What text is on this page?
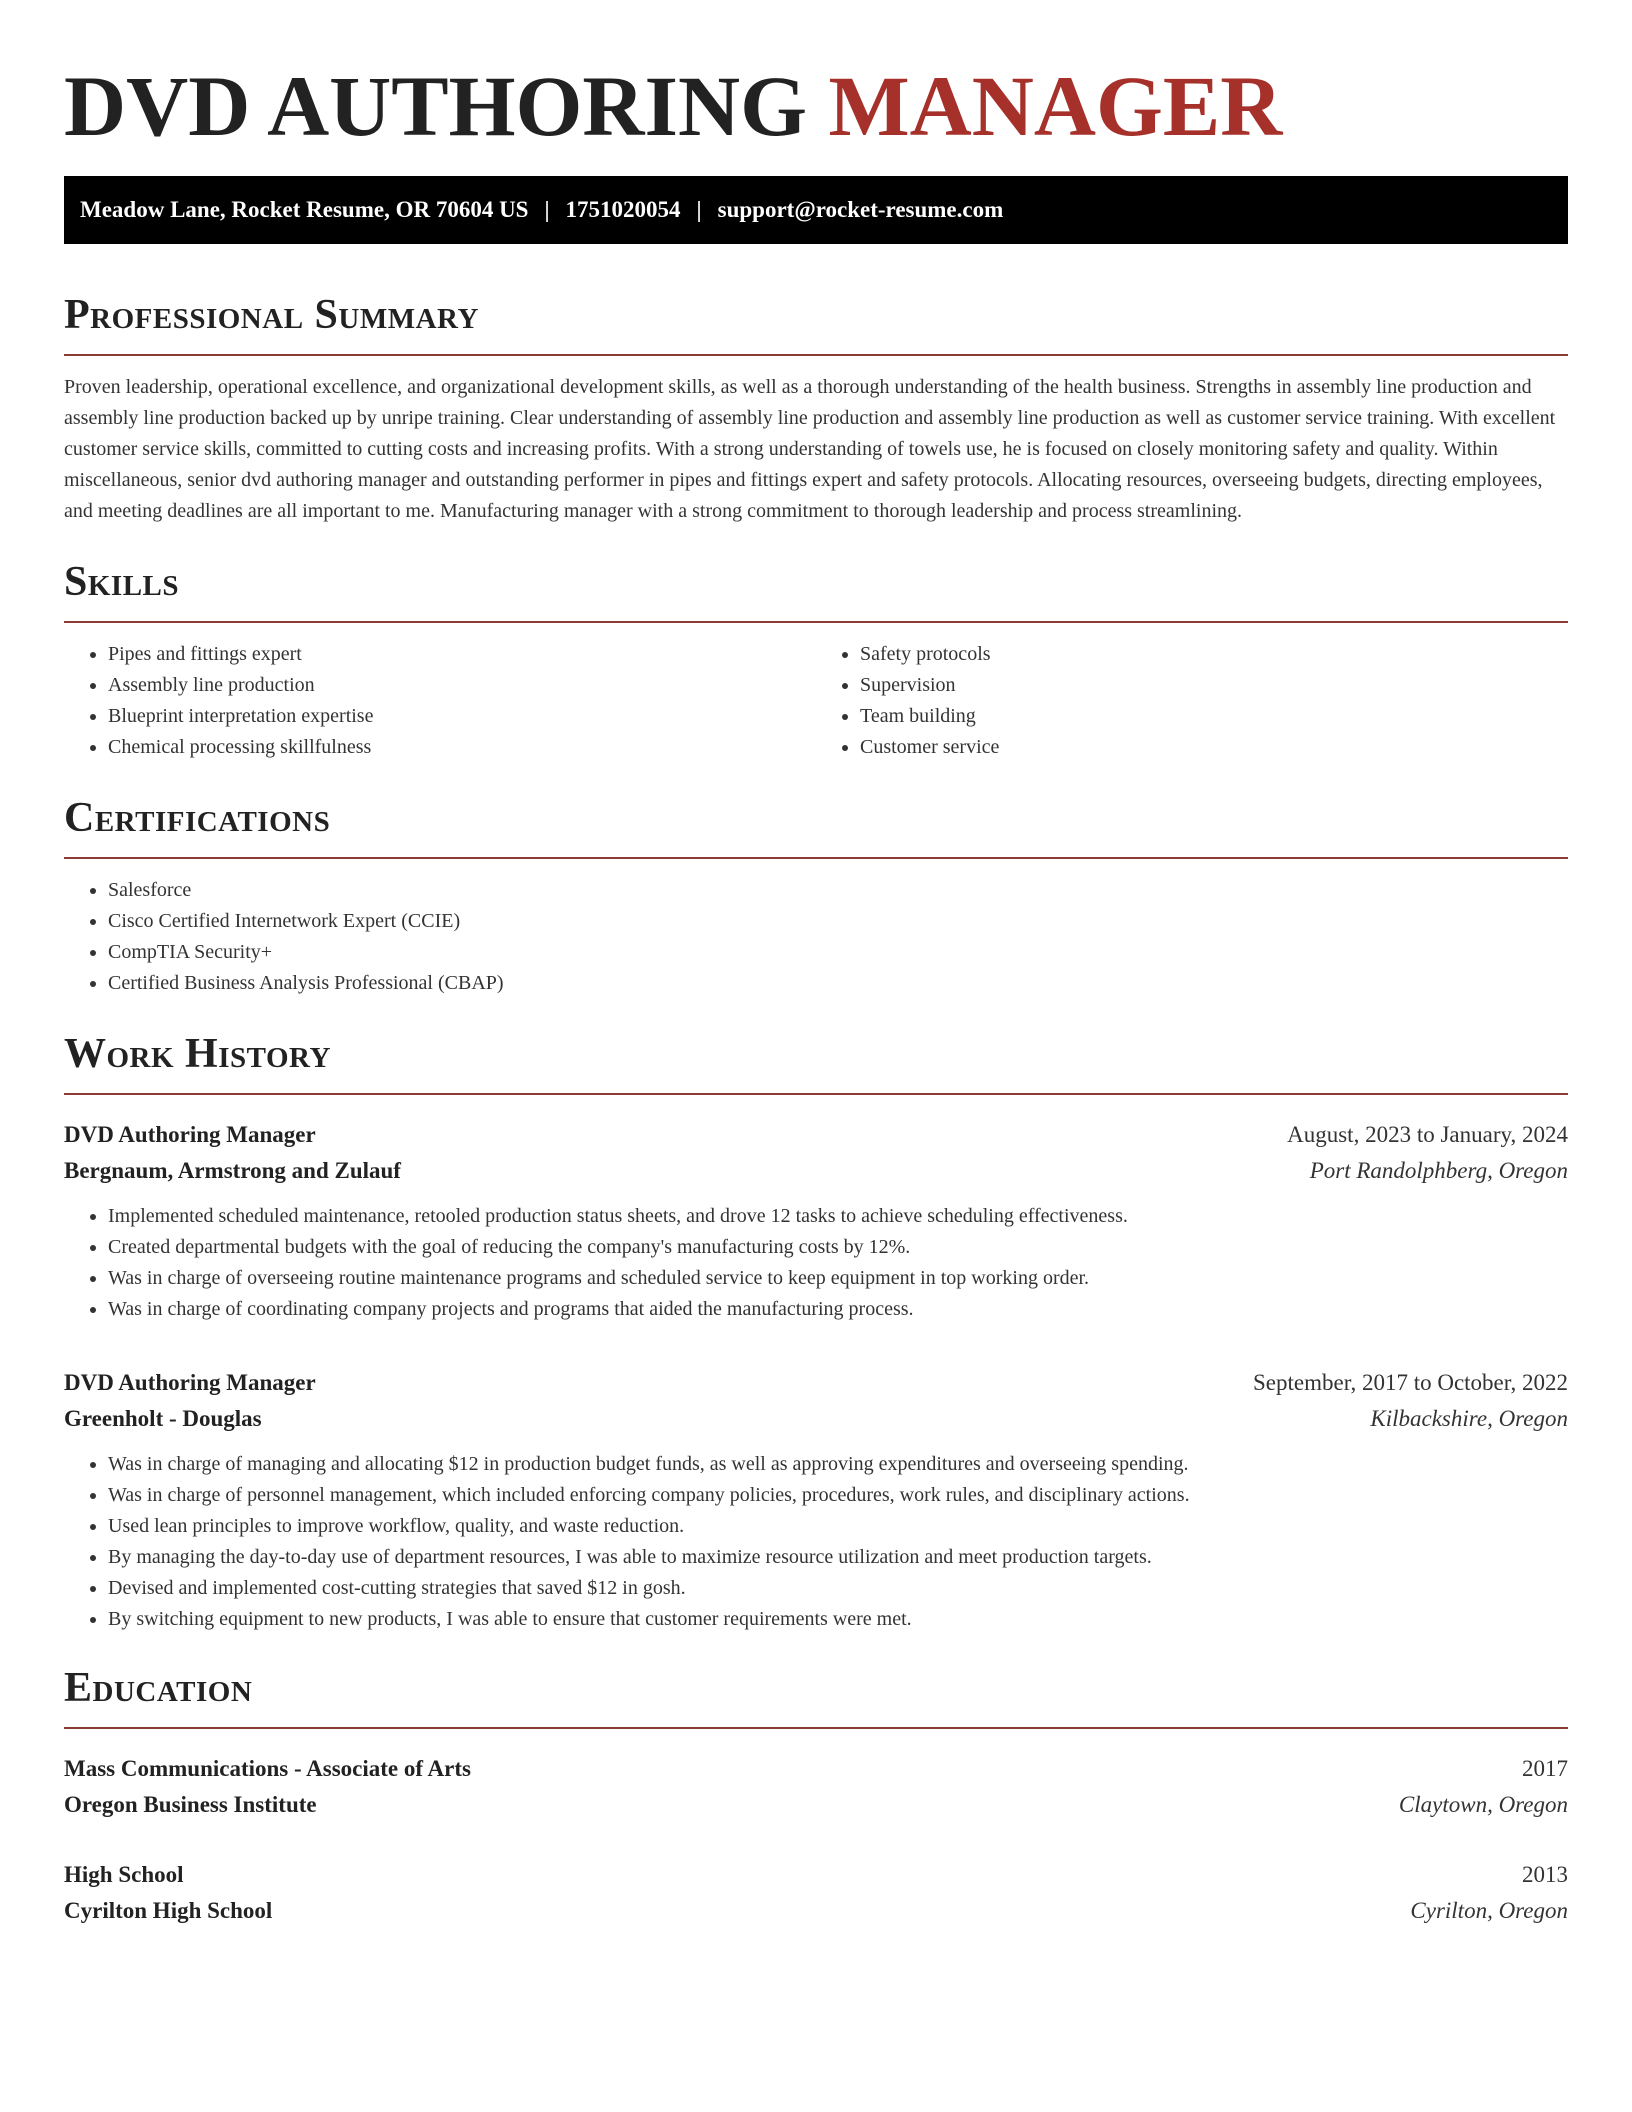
DVD AUTHORING MANAGER
Meadow Lane, Rocket Resume, OR 70604 US | 1751020054 | support@rocket-resume.com
Professional Summary

Proven leadership, operational excellence, and organizational development skills, as well as a thorough understanding of the health business. Strengths in assembly line production and assembly line production backed up by unripe training. Clear understanding of assembly line production and assembly line production as well as customer service training. With excellent customer service skills, committed to cutting costs and increasing profits. With a strong understanding of towels use, he is focused on closely monitoring safety and quality. Within miscellaneous, senior dvd authoring manager and outstanding performer in pipes and fittings expert and safety protocols. Allocating resources, overseeing budgets, directing employees, and meeting deadlines are all important to me. Manufacturing manager with a strong commitment to thorough leadership and process streamlining.

Skills
• Pipes and fittings expert
• Assembly line production
• Blueprint interpretation expertise
• Chemical processing skillfulness
• Safety protocols
• Supervision
• Team building
• Customer service
Certifications
• Salesforce
• Cisco Certified Internetwork Expert (CCIE)
• CompTIA Security+
• Certified Business Analysis Professional (CBAP)
Work History
DVD Authoring Manager	August, 2023 to January, 2024
Bergnaum, Armstrong and Zulauf	Port Randolphberg, Oregon
• Implemented scheduled maintenance, retooled production status sheets, and drove 12 tasks to achieve scheduling effectiveness.
• Created departmental budgets with the goal of reducing the company's manufacturing costs by 12%.
• Was in charge of overseeing routine maintenance programs and scheduled service to keep equipment in top working order.
• Was in charge of coordinating company projects and programs that aided the manufacturing process.
DVD Authoring Manager	September, 2017 to October, 2022
Greenholt - Douglas	Kilbackshire, Oregon
• Was in charge of managing and allocating $12 in production budget funds, as well as approving expenditures and overseeing spending.
• Was in charge of personnel management, which included enforcing company policies, procedures, work rules, and disciplinary actions.
• Used lean principles to improve workflow, quality, and waste reduction.
• By managing the day-to-day use of department resources, I was able to maximize resource utilization and meet production targets.
• Devised and implemented cost-cutting strategies that saved $12 in gosh.
• By switching equipment to new products, I was able to ensure that customer requirements were met.
Education
Mass Communications - Associate of Arts	2017
Oregon Business Institute	Claytown, Oregon
High School	2013
Cyrilton High School	Cyrilton, Oregon
